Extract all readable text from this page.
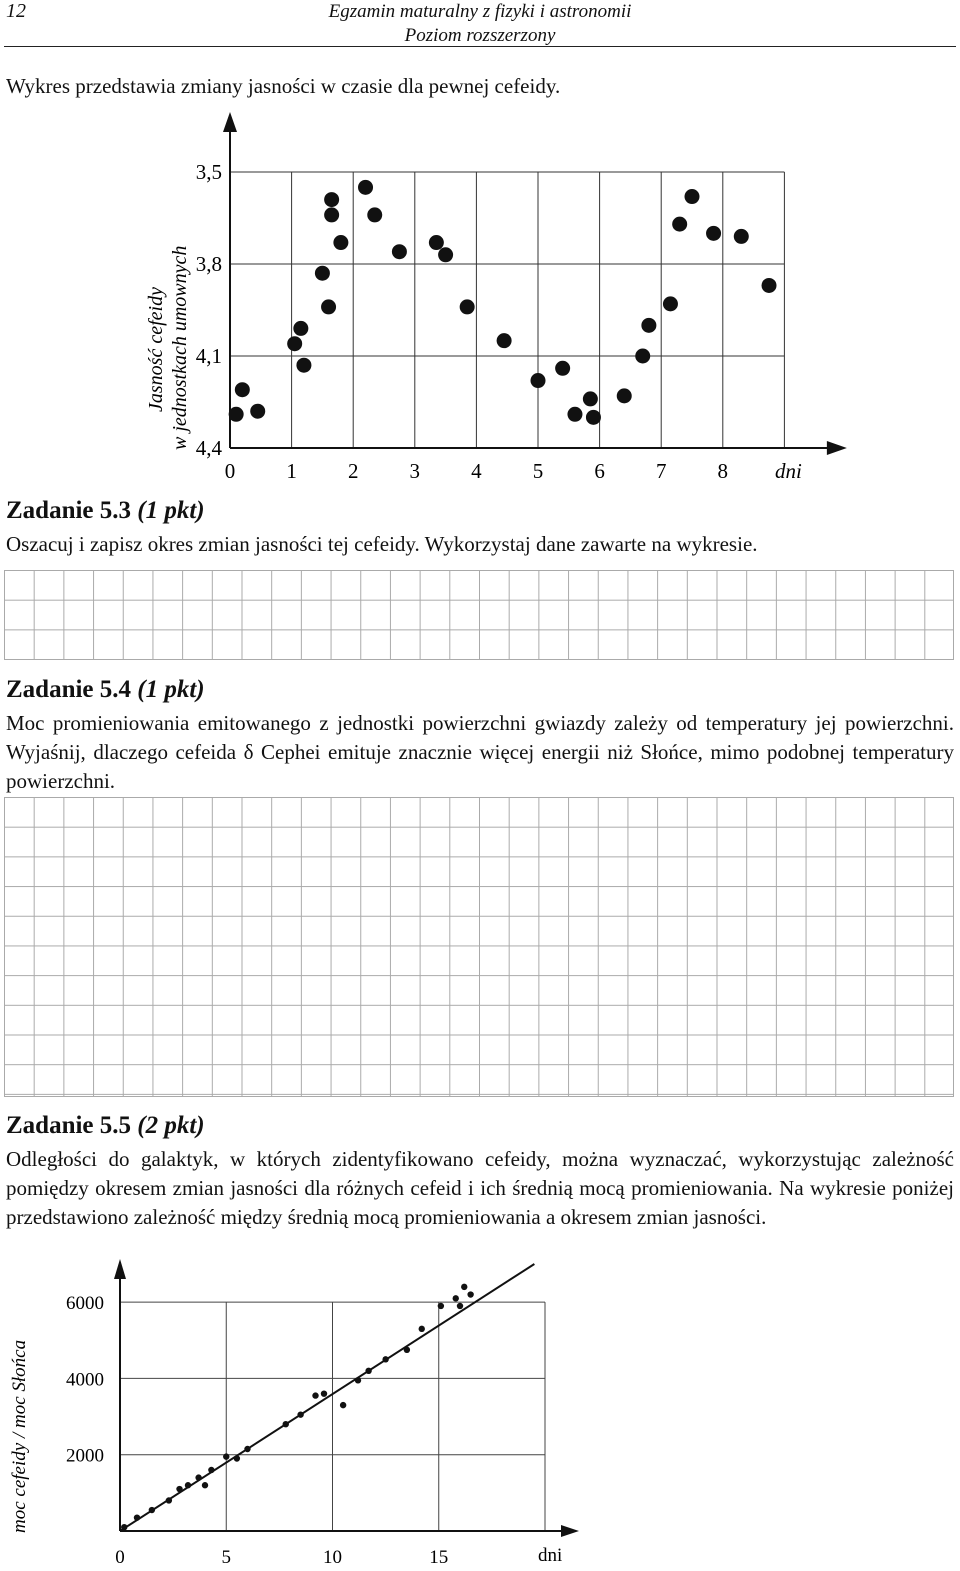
12	Egzamin maturalny z fizyki i astronomii
Poziom rozszerzony
Wykres przedstawia zmiany jasności w czasie dla pewnej cefeidy.
0 1 2 3 4 5 6 7 8
3,5
3,8
4,1
4,4
Jasność cefeidy w jednostkach umownych
dni
Zadanie 5.3 (1 pkt)
Oszacuj i zapisz okres zmian jasności tej cefeidy. Wykorzystaj dane zawarte na wykresie.
Zadanie 5.4 (1 pkt)
Moc promieniowania emitowanego z jednostki powierzchni gwiazdy zależy od temperatury jej powierzchni. Wyjaśnij, dlaczego cefeida δ Cephei emituje znacznie więcej energii niż Słońce, mimo podobnej temperatury powierzchni.
Zadanie 5.5 (2 pkt)
Odległości do galaktyk, w których zidentyfikowano cefeidy, można wyznaczać, wykorzystując zależność pomiędzy okresem zmian jasności dla różnych cefeid i ich średnią mocą promieniowania. Na wykresie poniżej przedstawiono zależność między średnią mocą promieniowania a okresem zmian jasności.
0	5	10	15
2000
4000
6000
moc cefeidy / moc Słońca
dni
